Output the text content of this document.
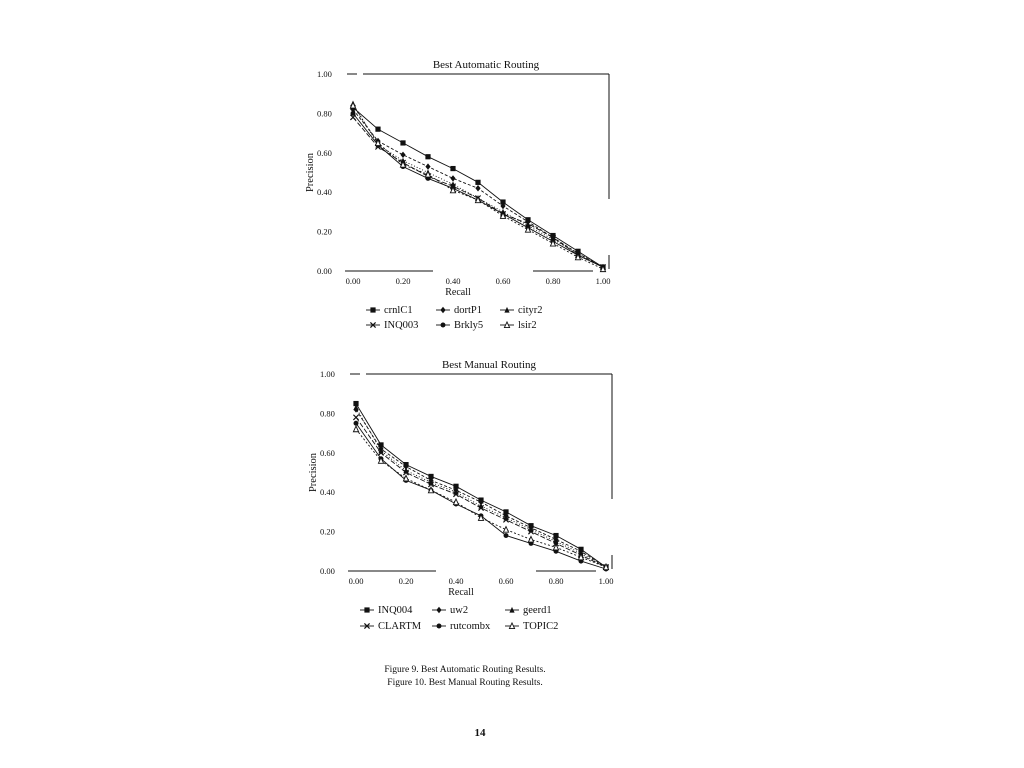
Best Automatic Routing
0.00
0.20
0.40
0.60
0.80
1.00
0.00	0.20	0.40	0.60	0.80	1.00
Recall
Precision
crnlC1	dortP1	cityr2
INQ003	Brkly5	lsir2
Best Manual Routing
0.00
0.20
0.40
0.60
0.80
1.00
0.00	0.20	0.40	0.60	0.80	1.00
Recall
Precision
INQ004	uw2	geerd1
CLARTM	rutcombx	TOPIC2
Figure 9. Best Automatic Routing Results.
Figure 10. Best Manual Routing Results.
14
